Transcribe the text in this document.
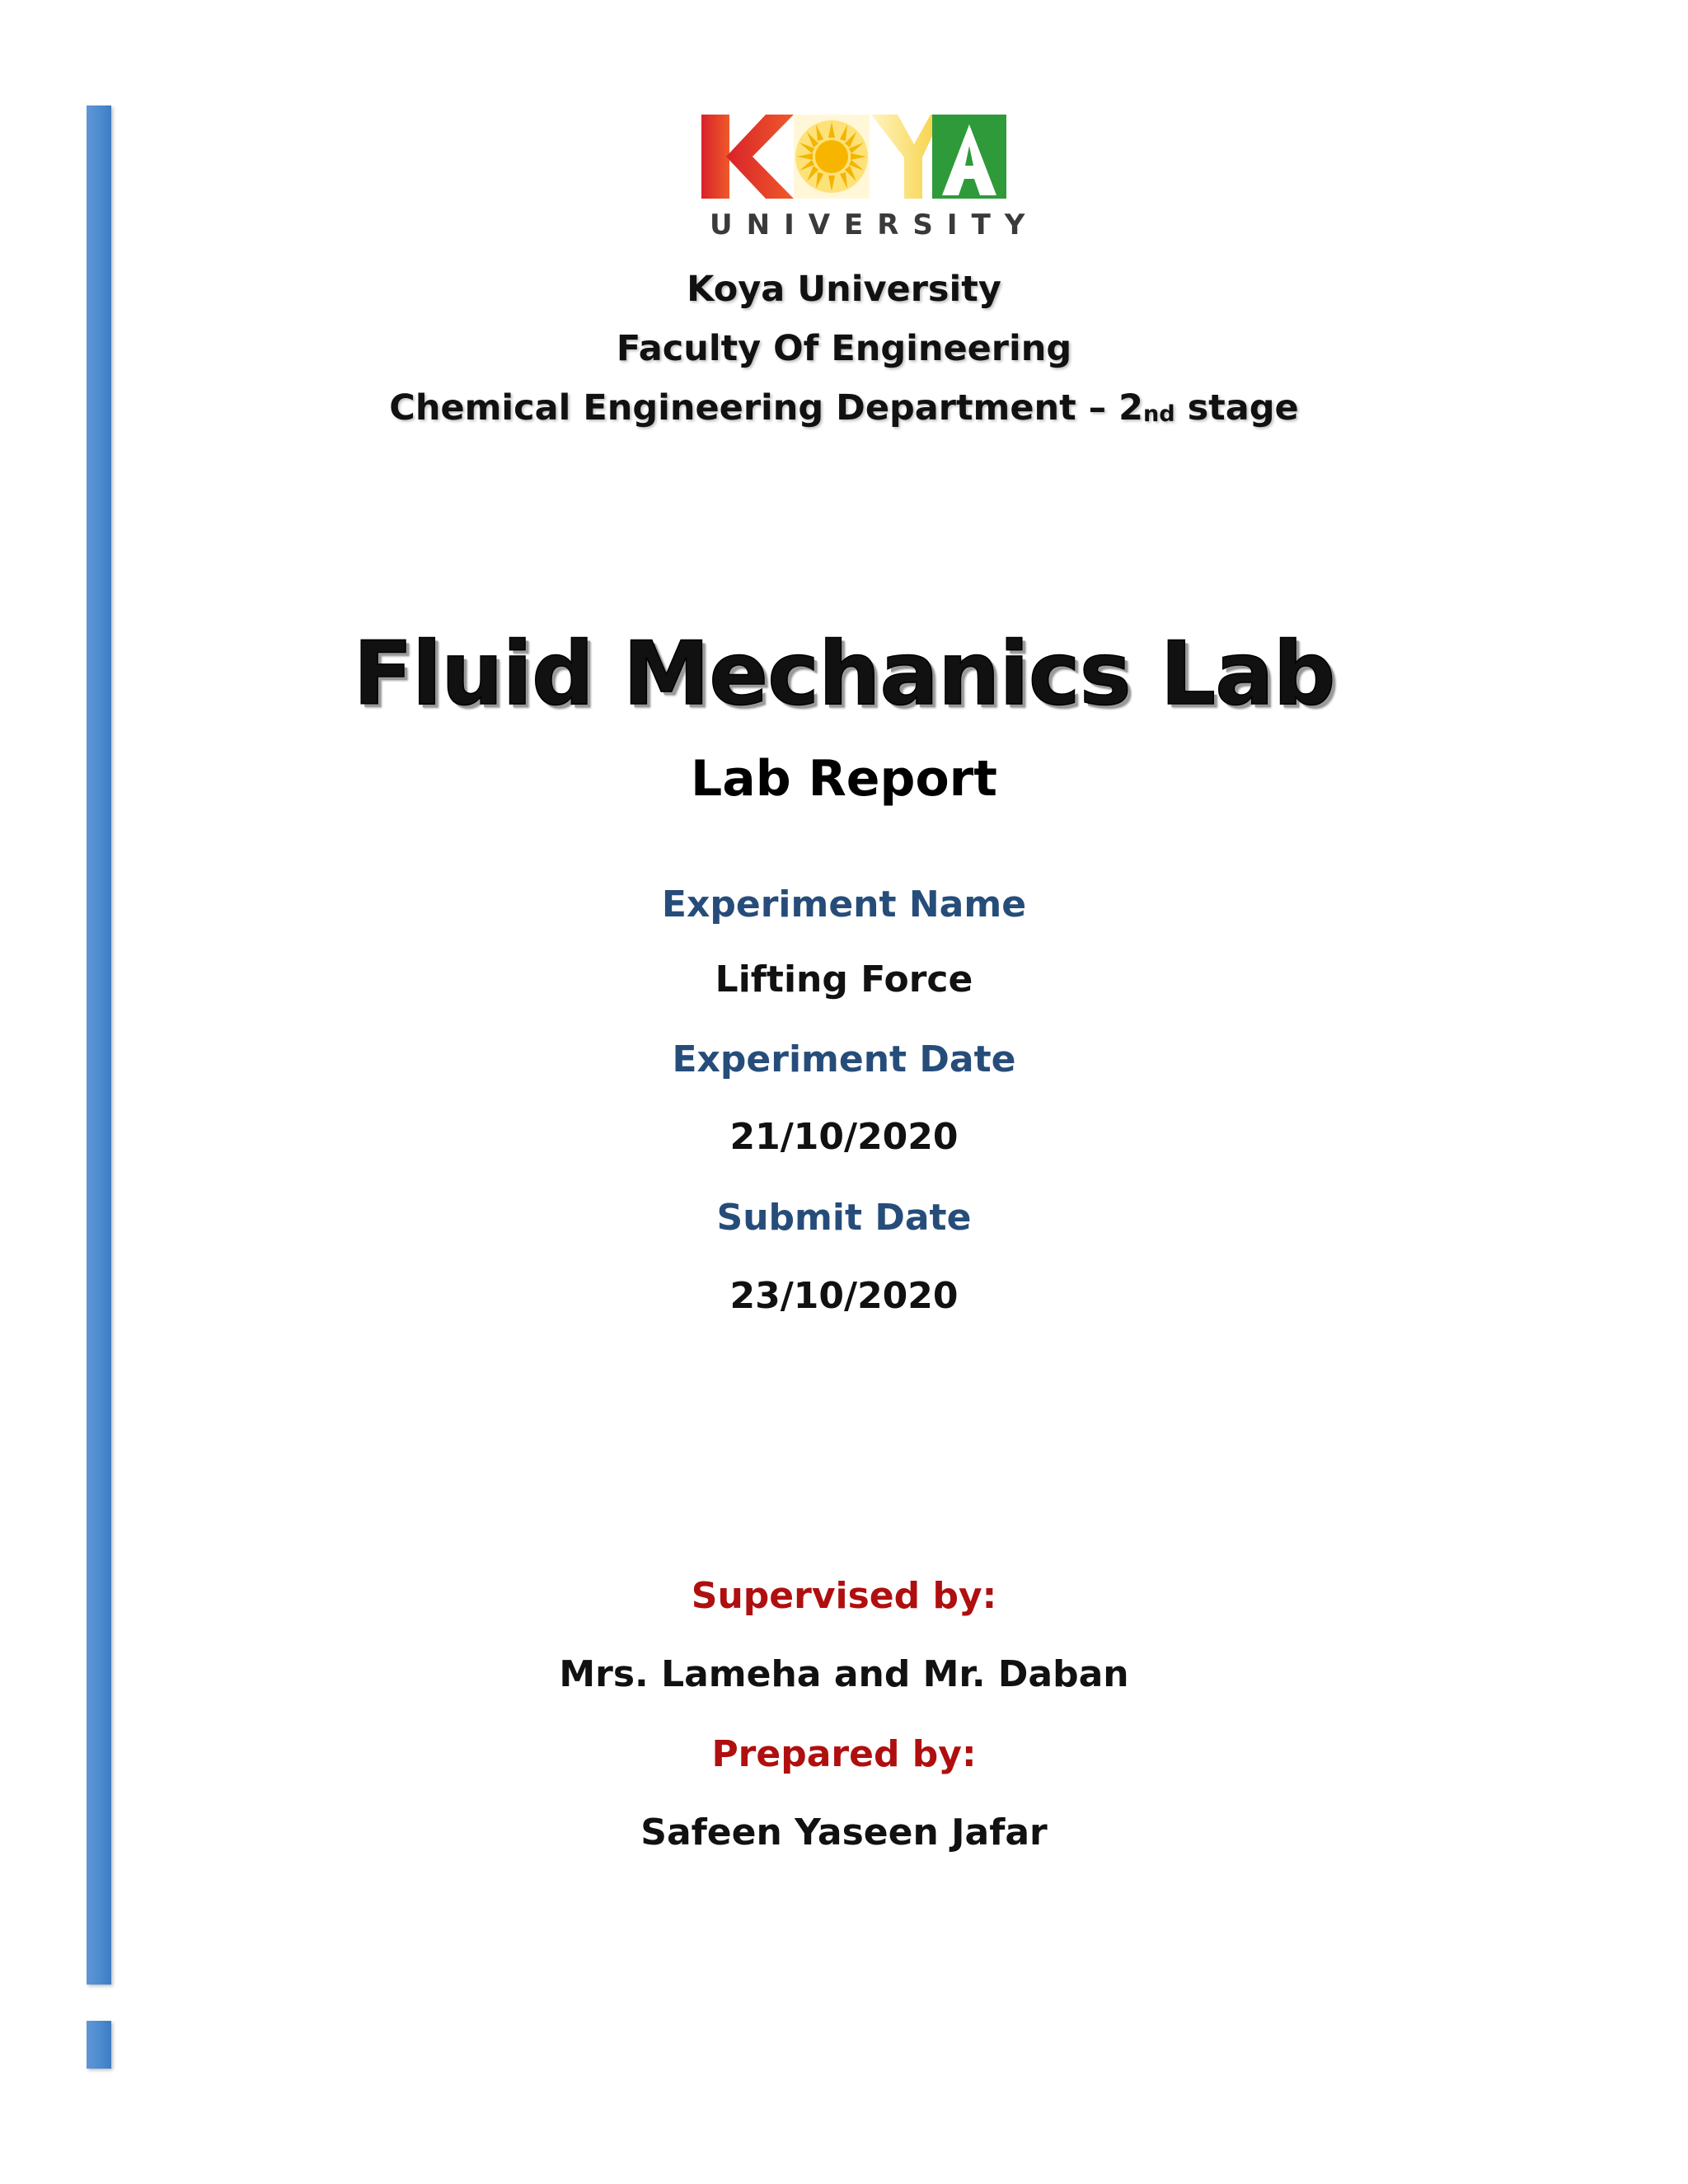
UNIVERSITY
Koya University
Faculty Of Engineering
Chemical Engineering Department – $2_{nd}$ stage
Fluid Mechanics Lab
Lab Report
Experiment Name
Lifting Force
Experiment Date
21/10/2020
Submit Date
23/10/2020
Supervised by:
Mrs. Lameha and Mr. Daban
Prepared by:
Safeen Yaseen Jafar
